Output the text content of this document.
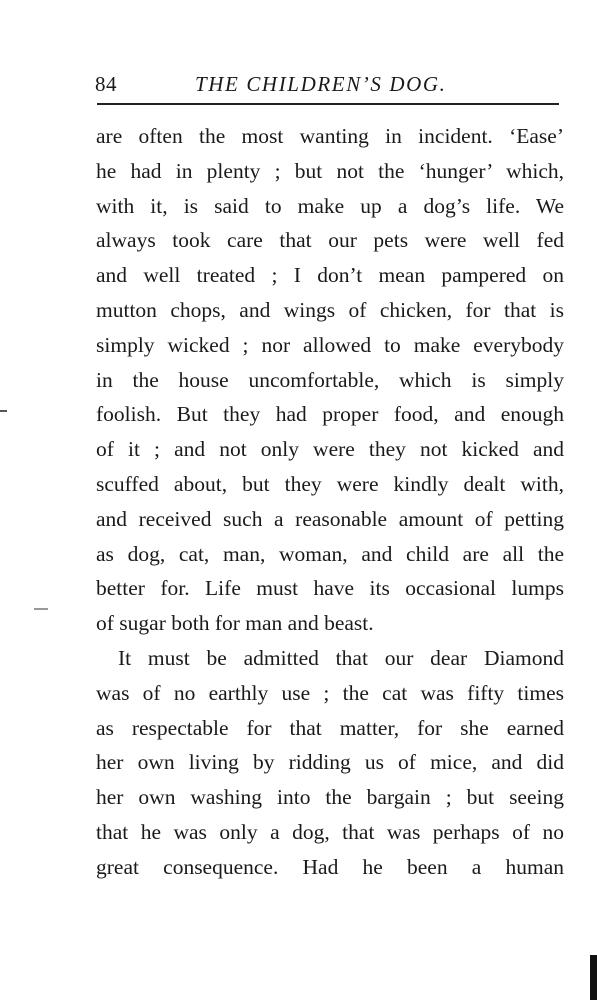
84	THE CHILDREN’S DOG.
are often the most wanting in incident. ‘Ease’
he had in plenty ; but not the ‘hunger’ which,
with it, is said to make up a dog’s life. We
always took care that our pets were well fed
and well treated ; I don’t mean pampered on
mutton chops, and wings of chicken, for that is
simply wicked ; nor allowed to make everybody
in the house uncomfortable, which is simply
foolish. But they had proper food, and enough
of it ; and not only were they not kicked and
scuffed about, but they were kindly dealt with,
and received such a reasonable amount of petting
as dog, cat, man, woman, and child are all the
better for. Life must have its occasional lumps
of sugar both for man and beast.
It must be admitted that our dear Diamond
was of no earthly use ; the cat was fifty times
as respectable for that matter, for she earned
her own living by ridding us of mice, and did
her own washing into the bargain ; but seeing
that he was only a dog, that was perhaps of no
great consequence. Had he been a human
